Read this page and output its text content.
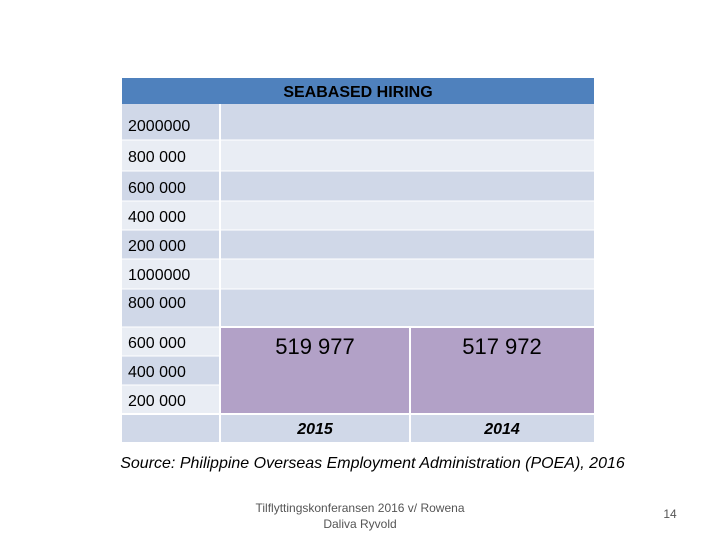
SEABASED HIRING
2000000
800 000
600 000
400 000
200 000
1000000
800 000
600 000
400 000
200 000
519 977	517 972
2015	2014
Source: Philippine Overseas Employment Administration (POEA), 2016
Tilflyttingskonferansen 2016 v/ Rowena
Daliva Ryvold
14
